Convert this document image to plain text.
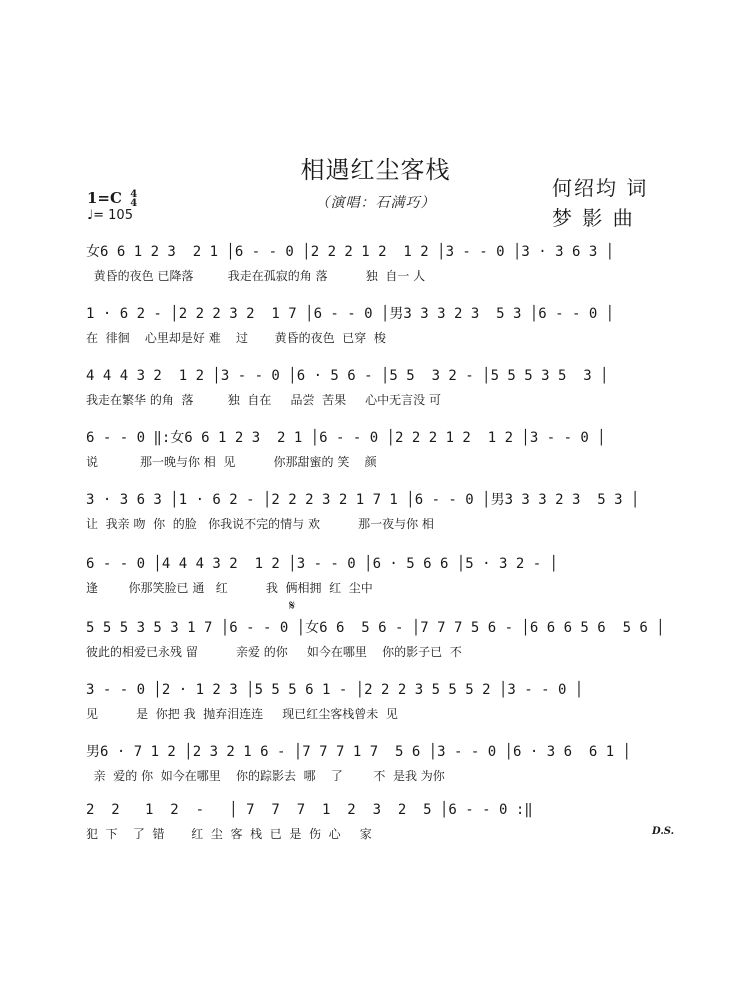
相遇红尘客栈
（演唱：石满巧）
何绍均 词
梦 影 曲
1=C 4
4
♩= 105
女6 6 1 2 3  2 1 │6 - - 0 │2 2 2 1 2  1 2 │3 - - 0 │3 · 3 6 3 │
黄昏的夜色 已降落         我走在孤寂的角 落          独  自一 人
1 · 6 2 - │2 2 2 3 2  1 7 │6 - - 0 │男3 3 3 2 3  5 3 │6 - - 0 │
在  徘徊    心里却是好 难    过       黄昏的夜色  已穿  梭
4 4 4 3 2  1 2 │3 - - 0 │6 · 5 6 - │5 5  3 2 - │5 5 5 3 5  3 │
我走在繁华 的角  落         独  自在     品尝  苦果     心中无言没 可
6 - - 0 ‖:女6 6 1 2 3  2 1 │6 - - 0 │2 2 2 1 2  1 2 │3 - - 0 │
说           那一晚与你 相  见          你那甜蜜的 笑    颜
3 · 3 6 3 │1 · 6 2 - │2 2 2 3 2 1 7 1 │6 - - 0 │男3 3 3 2 3  5 3 │
让  我亲 吻  你  的脸   你我说不完的情与 欢          那一夜与你 相
6 - - 0 │4 4 4 3 2  1 2 │3 - - 0 │6 · 5 6 6 │5 · 3 2 - │
逢        你那笑脸已 通   红          我  俩相拥  红  尘中
5 5 5 3 5 3 1 7 │6 - - 0 │女6 6  5 6 - │7 7 7 5 6 - │6 6 6 5 6  5 6 │
彼此的相爱已永残 留          亲爱 的你     如今在哪里    你的影子已  不
3 - - 0 │2 · 1 2 3 │5 5 5 6 1 - │2 2 2 3 5 5 5 2 │3 - - 0 │
见          是  你把 我  抛弃泪连连     现已红尘客栈曾未  见
男6 · 7 1 2 │2 3 2 1 6 - │7 7 7 1 7  5 6 │3 - - 0 │6 · 3 6  6 1 │
亲  爱的 你  如今在哪里    你的踪影去  哪    了        不  是我 为你
2  2   1  2  -   │ 7  7  7  1  2  3  2  5 │6 - - 0 :‖
犯  下    了  错       红  尘  客  栈  已  是  伤  心     家
𝄋
D.S.
